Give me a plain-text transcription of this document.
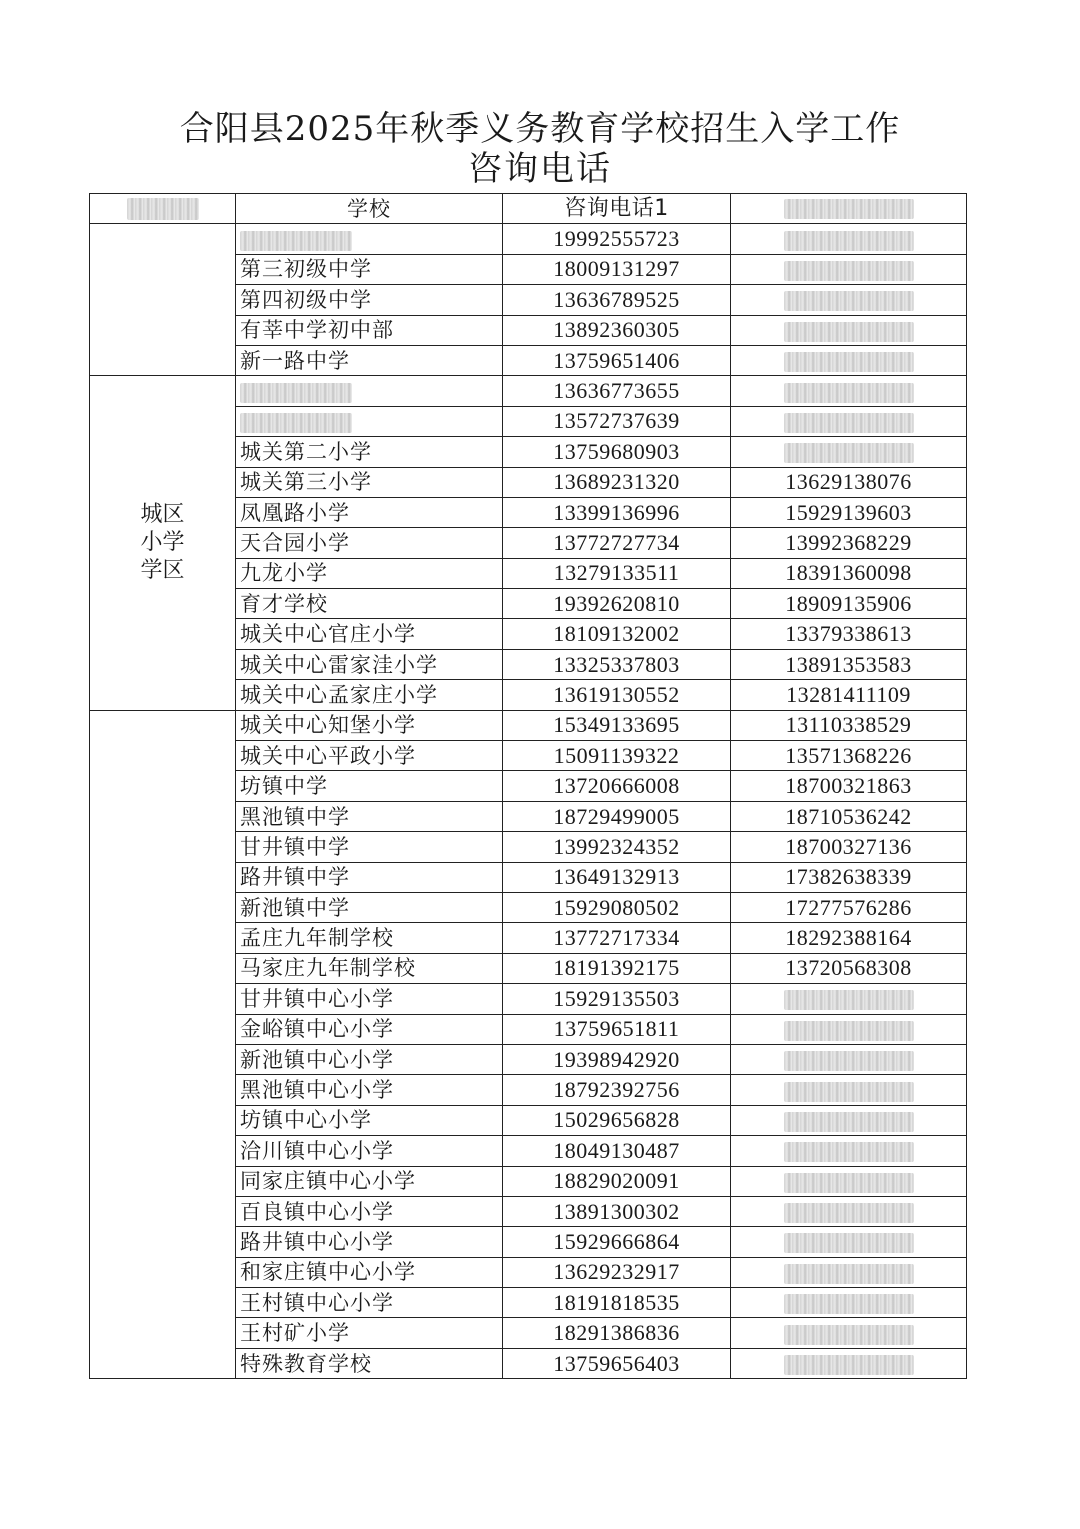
合阳县2025年秋季义务教育学校招生入学工作
咨询电话
	学校	咨询电话1	
		19992555723	
	第三初级中学	18009131297	
	第四初级中学	13636789525	
	有莘中学初中部	13892360305	
	新一路中学	13759651406	
城区
小学
学区		13636773655	
		13572737639	
	城关第二小学	13759680903	
	城关第三小学	13689231320	13629138076
	凤凰路小学	13399136996	15929139603
	天合园小学	13772727734	13992368229
	九龙小学	13279133511	18391360098
	育才学校	19392620810	18909135906
	城关中心官庄小学	18109132002	13379338613
	城关中心雷家洼小学	13325337803	13891353583
	城关中心孟家庄小学	13619130552	13281411109
	城关中心知堡小学	15349133695	13110338529
	城关中心平政小学	15091139322	13571368226
	坊镇中学	13720666008	18700321863
	黑池镇中学	18729499005	18710536242
	甘井镇中学	13992324352	18700327136
	路井镇中学	13649132913	17382638339
	新池镇中学	15929080502	17277576286
	孟庄九年制学校	13772717334	18292388164
	马家庄九年制学校	18191392175	13720568308
	甘井镇中心小学	15929135503	
	金峪镇中心小学	13759651811	
	新池镇中心小学	19398942920	
	黑池镇中心小学	18792392756	
	坊镇中心小学	15029656828	
	洽川镇中心小学	18049130487	
	同家庄镇中心小学	18829020091	
	百良镇中心小学	13891300302	
	路井镇中心小学	15929666864	
	和家庄镇中心小学	13629232917	
	王村镇中心小学	18191818535	
	王村矿小学	18291386836	
	特殊教育学校	13759656403	
